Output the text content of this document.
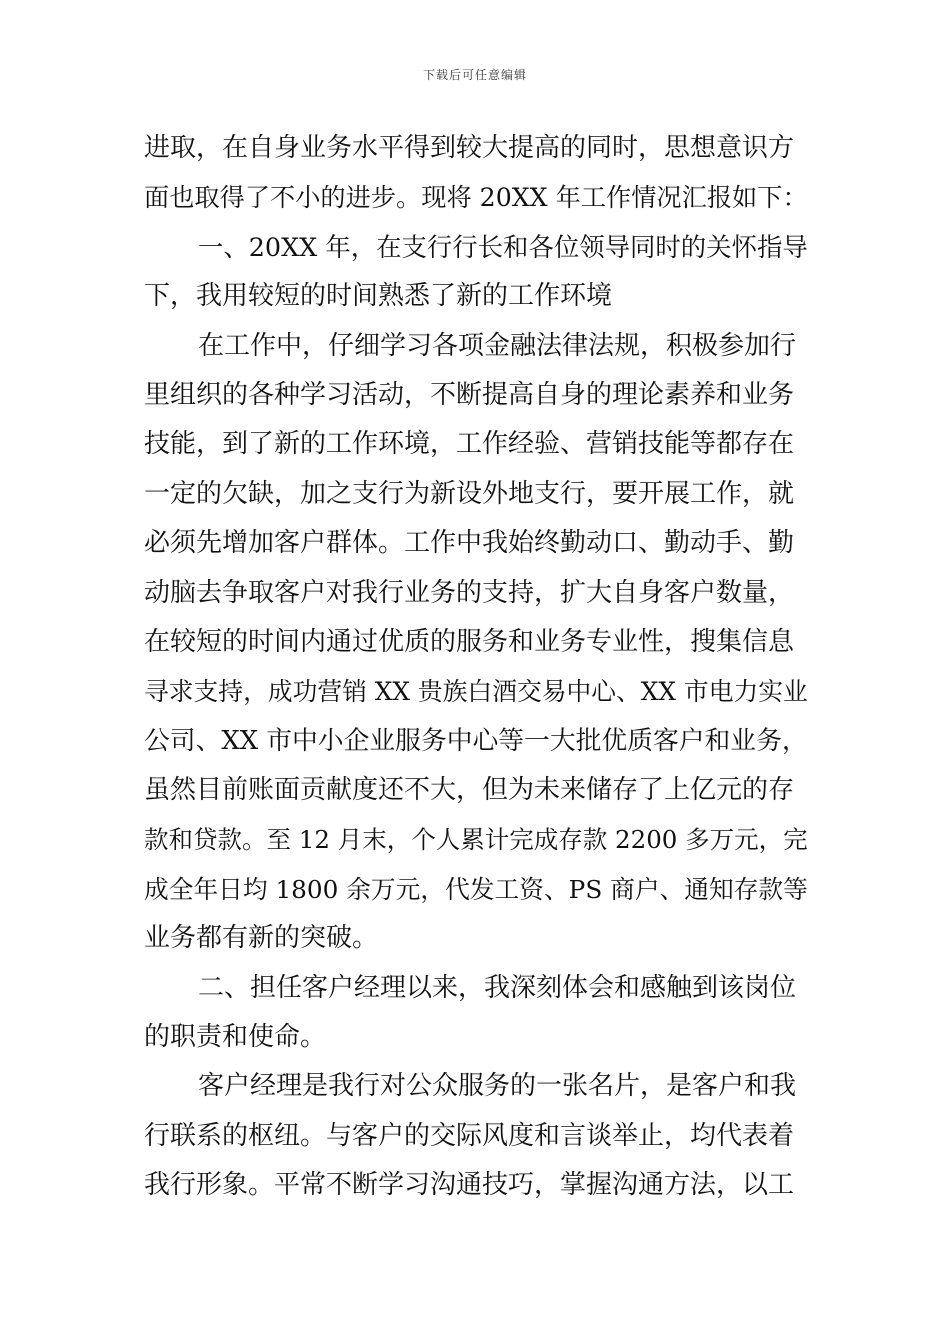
下载后可任意编辑
进取，在自身业务水平得到较大提高的同时，思想意识方
面也取得了不小的进步。现将 20XX 年工作情况汇报如下：
一、20XX 年，在支行行长和各位领导同时的关怀指导
下，我用较短的时间熟悉了新的工作环境
在工作中，仔细学习各项金融法律法规，积极参加行
里组织的各种学习活动，不断提高自身的理论素养和业务
技能，到了新的工作环境，工作经验、营销技能等都存在
一定的欠缺，加之支行为新设外地支行，要开展工作，就
必须先增加客户群体。工作中我始终勤动口、勤动手、勤
动脑去争取客户对我行业务的支持，扩大自身客户数量，
在较短的时间内通过优质的服务和业务专业性，搜集信息
寻求支持，成功营销 XX 贵族白酒交易中心、XX 市电力实业
公司、XX 市中小企业服务中心等一大批优质客户和业务，
虽然目前账面贡献度还不大，但为未来储存了上亿元的存
款和贷款。至 12 月末，个人累计完成存款 2200 多万元，完
成全年日均 1800 余万元，代发工资、PS 商户、通知存款等
业务都有新的突破。
二、担任客户经理以来，我深刻体会和感触到该岗位
的职责和使命。
客户经理是我行对公众服务的一张名片，是客户和我
行联系的枢纽。与客户的交际风度和言谈举止，均代表着
我行形象。平常不断学习沟通技巧，掌握沟通方法，以工
